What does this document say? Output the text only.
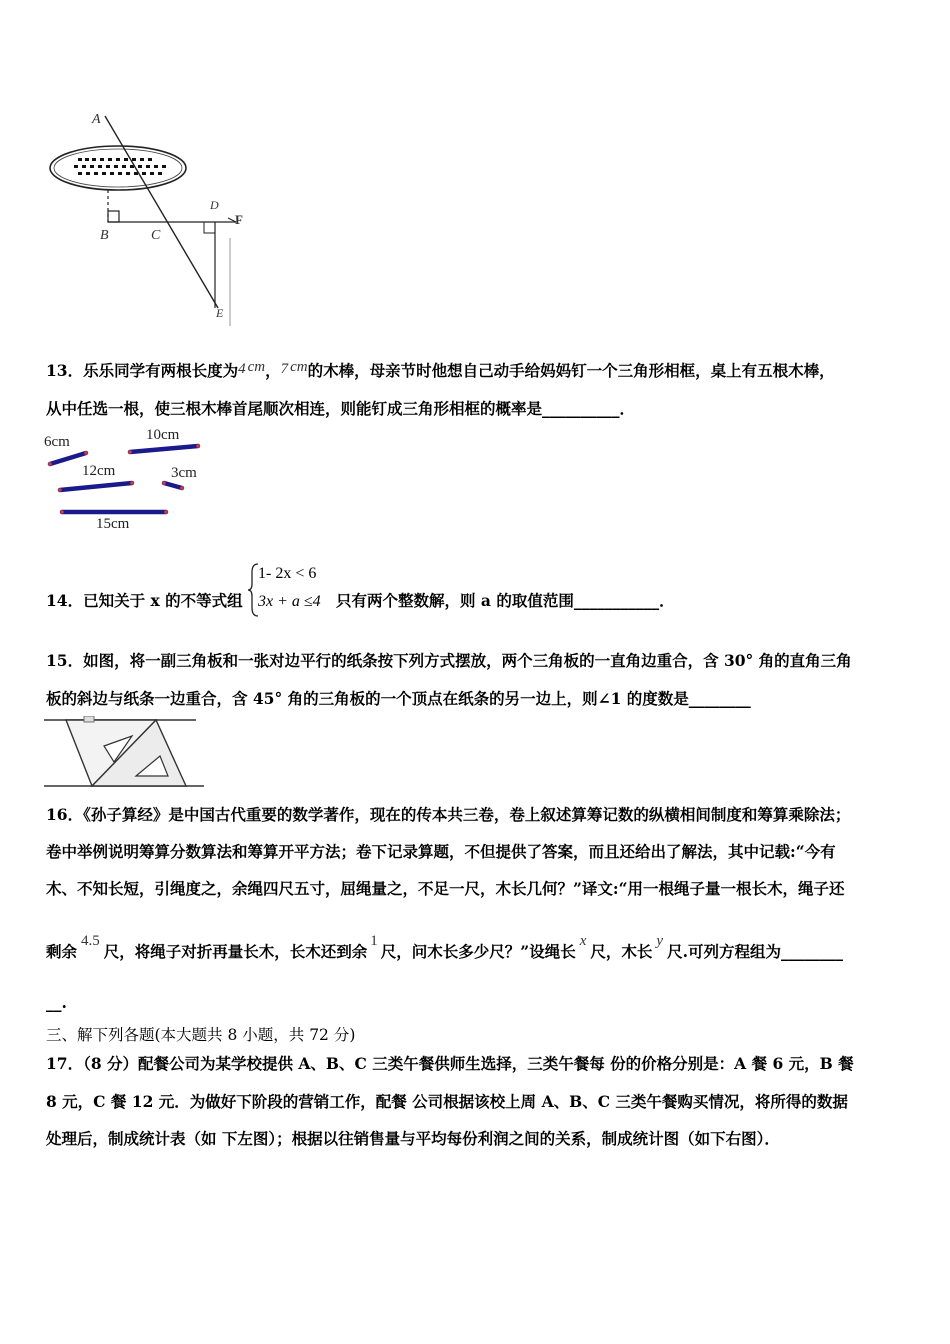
A
B	C
D
F
E
13．乐乐同学有两根长度为4 cm，7 cm的木棒，母亲节时他想自己动手给妈妈钉一个三角形相框，桌上有五根木棒，
从中任选一根，使三根木棒首尾顺次相连，则能钉成三角形相框的概率是__________．
6cm	10cm
12cm	3cm
15cm
14．已知关于 x 的不等式组
1- 2x < 6
3x + a ≤4 只有两个整数解，则 a 的取值范围___________．
15．如图，将一副三角板和一张对边平行的纸条按下列方式摆放，两个三角板的一直角边重合，含 30° 角的直角三角
板的斜边与纸条一边重合，含 45° 角的三角板的一个顶点在纸条的另一边上，则∠1 的度数是________
16．《孙子算经》是中国古代重要的数学著作，现在的传本共三卷，卷上叙述算筹记数的纵横相间制度和筹算乘除法；
卷中举例说明筹算分数算法和筹算开平方法；卷下记录算题，不但提供了答案，而且还给出了解法，其中记载:“今有
木、不知长短，引绳度之，余绳四尺五寸，屈绳量之，不足一尺，木长几何？”译文:“用一根绳子量一根长木，绳子还
剩余4.5尺，将绳子对折再量长木，长木还到余1尺，问木长多少尺？”设绳长x尺，木长y尺.可列方程组为________
__.
三、解下列各题(本大题共 8 小题，共 72 分)
17．（8 分）配餐公司为某学校提供 A、B、C 三类午餐供师生选择，三类午餐每 份的价格分别是：A 餐 6 元，B 餐
8 元，C 餐 12 元．为做好下阶段的营销工作，配餐 公司根据该校上周 A、B、C 三类午餐购买情况，将所得的数据
处理后，制成统计表（如 下左图）；根据以往销售量与平均每份利润之间的关系，制成统计图（如下右图）．
